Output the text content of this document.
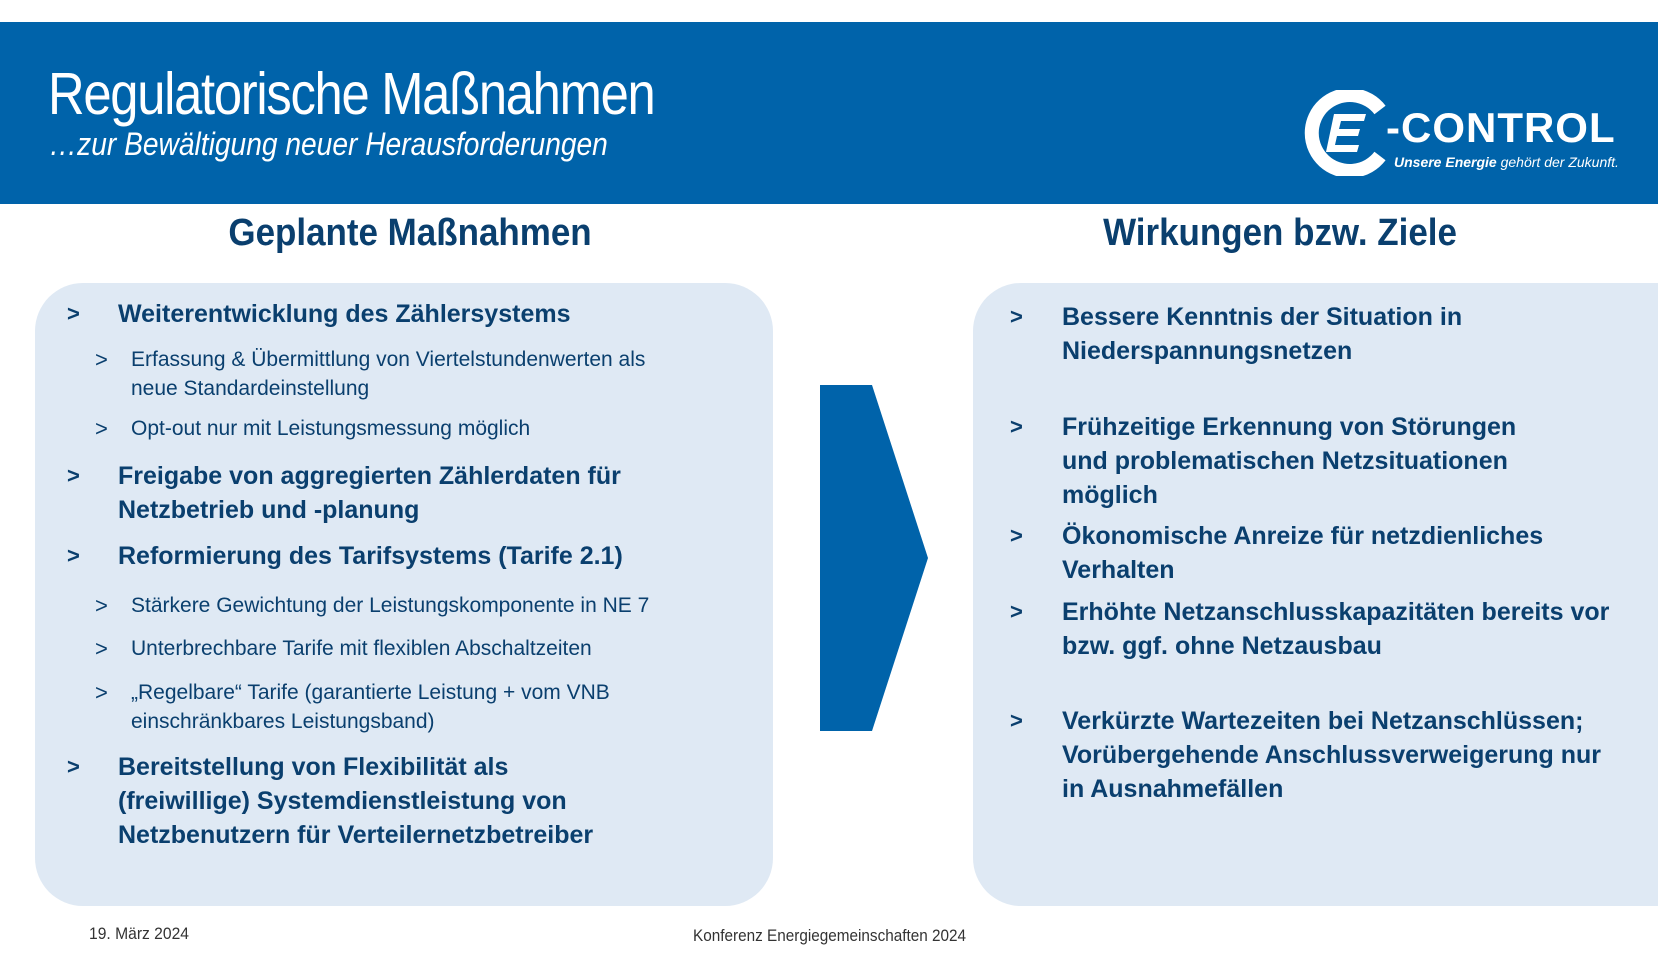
Regulatorische Maßnahmen

…zur Bewältigung neuer Herausforderungen	-CONTROL
Unsere Energie gehört der Zukunft.
Geplante Maßnahmen	Wirkungen bzw. Ziele
> Weiterentwicklung des Zählersystems
> Erfassung & Übermittlung von Viertelstundenwerten als neue Standardeinstellung
> Opt-out nur mit Leistungsmessung möglich
> Freigabe von aggregierten Zählerdaten für Netzbetrieb und -planung
> Reformierung des Tarifsystems (Tarife 2.1)
> Stärkere Gewichtung der Leistungskomponente in NE 7
> Unterbrechbare Tarife mit flexiblen Abschaltzeiten
> „Regelbare“ Tarife (garantierte Leistung + vom VNB einschränkbares Leistungsband)
> Bereitstellung von Flexibilität als (freiwillige) Systemdienstleistung von Netzbenutzern für Verteilernetzbetreiber
> Bessere Kenntnis der Situation in Niederspannungsnetzen
> Frühzeitige Erkennung von Störungen und problematischen Netzsituationen möglich
> Ökonomische Anreize für netzdienliches Verhalten
> Erhöhte Netzanschlusskapazitäten bereits vor bzw. ggf. ohne Netzausbau
> Verkürzte Wartezeiten bei Netzanschlüssen; Vorübergehende Anschlussverweigerung nur in Ausnahmefällen
19. März 2024	Konferenz Energiegemeinschaften 2024
